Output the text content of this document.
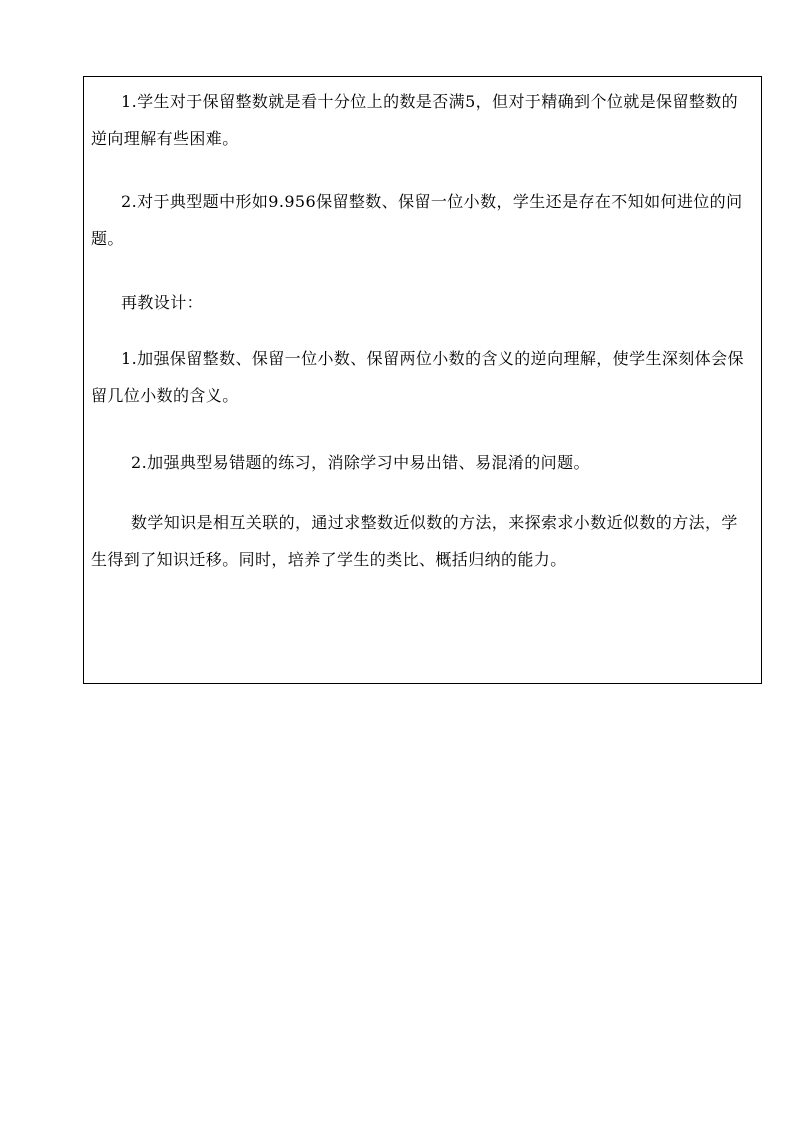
1.学生对于保留整数就是看十分位上的数是否满5，但对于精确到个位就是保留整数的逆向理解有些困难。

2.对于典型题中形如9.956保留整数、保留一位小数，学生还是存在不知如何进位的问题。

再教设计：

1.加强保留整数、保留一位小数、保留两位小数的含义的逆向理解，使学生深刻体会保留几位小数的含义。

2.加强典型易错题的练习，消除学习中易出错、易混淆的问题。

数学知识是相互关联的，通过求整数近似数的方法，来探索求小数近似数的方法，学生得到了知识迁移。同时，培养了学生的类比、概括归纳的能力。
